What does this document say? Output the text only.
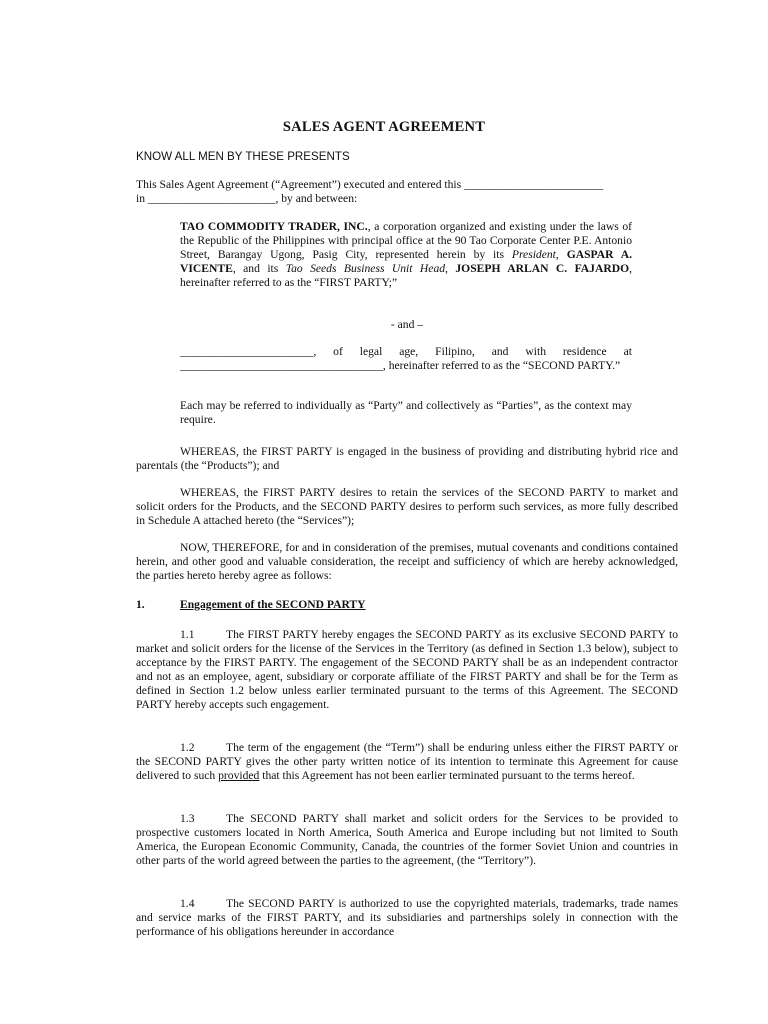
SALES AGENT AGREEMENT
KNOW ALL MEN BY THESE PRESENTS
This Sales Agent Agreement (“Agreement”) executed and entered this ________________________
in ______________________, by and between:
TAO COMMODITY TRADER, INC., a corporation organized and existing under the laws of the Republic of the Philippines with principal office at the 90 Tao Corporate Center P.E. Antonio Street, Barangay Ugong, Pasig City, represented herein by its President, GASPAR A. VICENTE, and its Tao Seeds Business Unit Head, JOSEPH ARLAN C. FAJARDO, hereinafter referred to as the “FIRST PARTY;”
- and –
_______________________, of legal age, Filipino, and with residence at ___________________________________, hereinafter referred to as the “SECOND PARTY.”
Each may be referred to individually as “Party” and collectively as “Parties”, as the context may require.
WHEREAS, the FIRST PARTY is engaged in the business of providing and distributing hybrid rice and parentals (the “Products”); and
WHEREAS, the FIRST PARTY desires to retain the services of the SECOND PARTY to market and solicit orders for the Products, and the SECOND PARTY desires to perform such services, as more fully described in Schedule A attached hereto (the “Services”);
NOW, THEREFORE, for and in consideration of the premises, mutual covenants and conditions contained herein, and other good and valuable consideration, the receipt and sufficiency of which are hereby acknowledged, the parties hereto hereby agree as follows:
1.	Engagement of the SECOND PARTY
1.1	The FIRST PARTY hereby engages the SECOND PARTY as its exclusive SECOND PARTY to market and solicit orders for the license of the Services in the Territory (as defined in Section 1.3 below), subject to acceptance by the FIRST PARTY. The engagement of the SECOND PARTY shall be as an independent contractor and not as an employee, agent, subsidiary or corporate affiliate of the FIRST PARTY and shall be for the Term as defined in Section 1.2 below unless earlier terminated pursuant to the terms of this Agreement. The SECOND PARTY hereby accepts such engagement.
1.2	The term of the engagement (the “Term”) shall be enduring unless either the FIRST PARTY or the SECOND PARTY gives the other party written notice of its intention to terminate this Agreement for cause delivered to such provided that this Agreement has not been earlier terminated pursuant to the terms hereof.
1.3	The SECOND PARTY shall market and solicit orders for the Services to be provided to prospective customers located in North America, South America and Europe including but not limited to South America, the European Economic Community, Canada, the countries of the former Soviet Union and countries in other parts of the world agreed between the parties to the agreement, (the “Territory”).
1.4	The SECOND PARTY is authorized to use the copyrighted materials, trademarks, trade names and service marks of the FIRST PARTY, and its subsidiaries and partnerships solely in connection with the performance of his obligations hereunder in accordance
